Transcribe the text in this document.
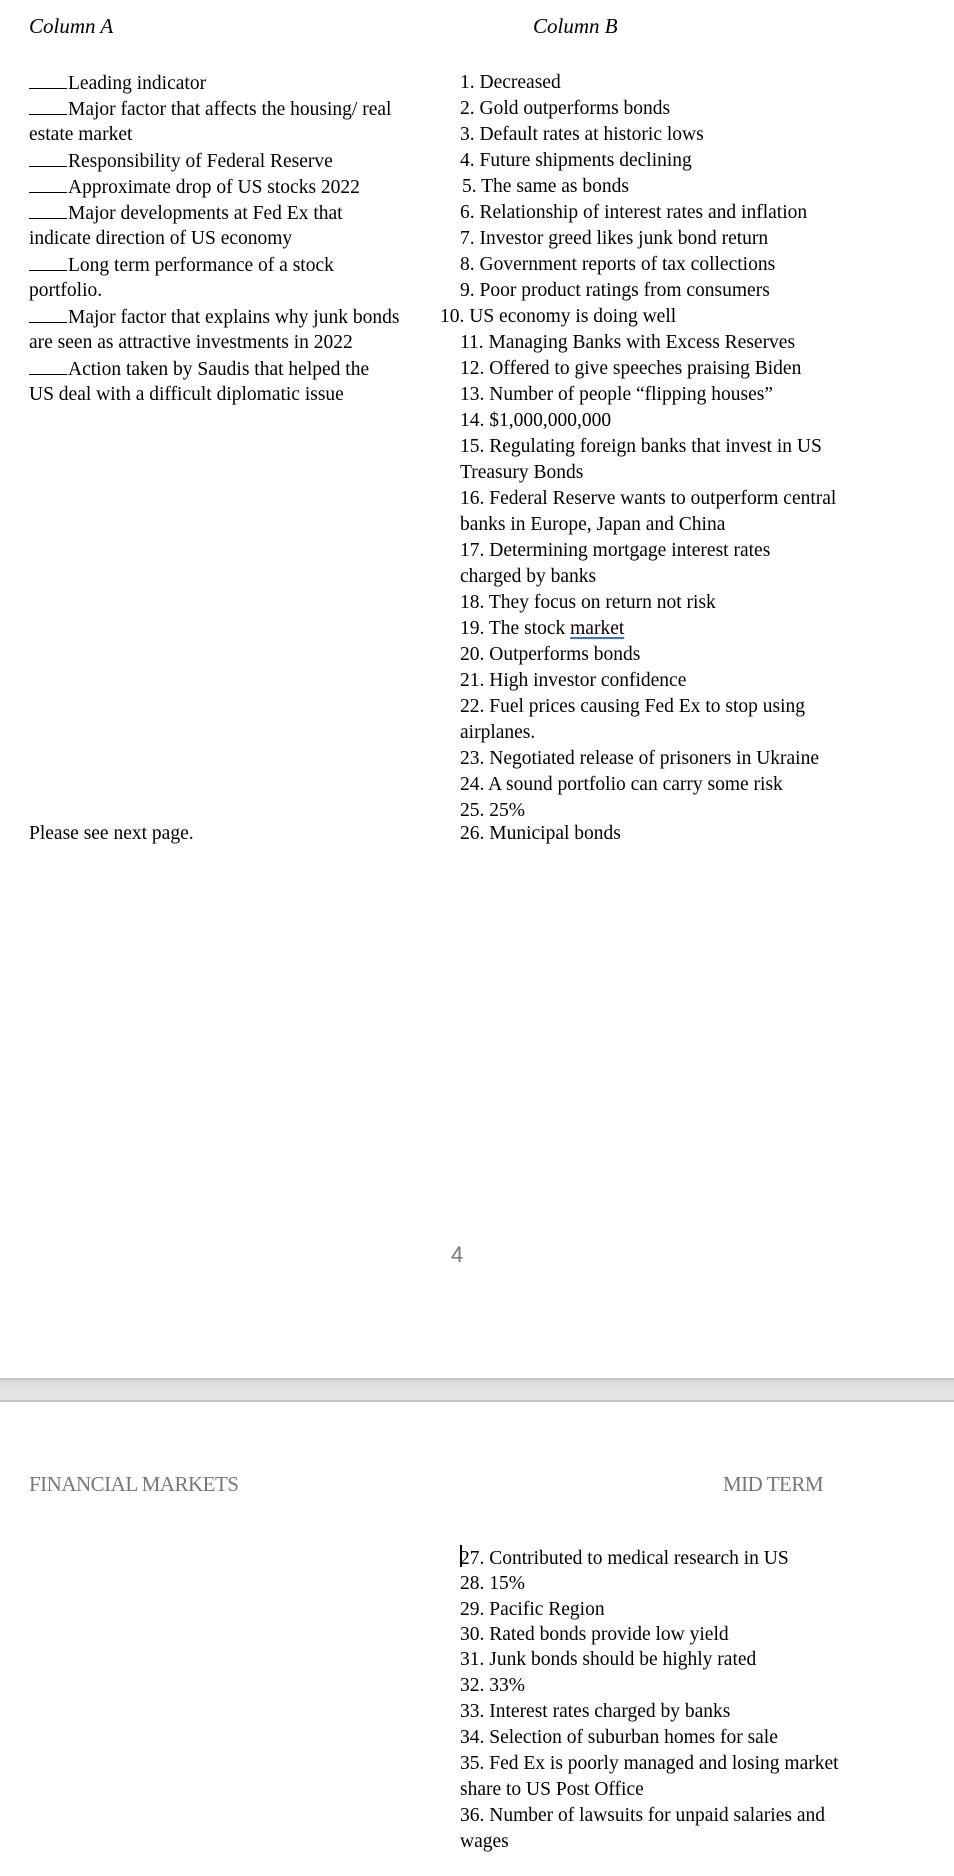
Column A	Column B
Leading indicator
Major factor that affects the housing/ real
estate market
Responsibility of Federal Reserve
Approximate drop of US stocks 2022
Major developments at Fed Ex that
indicate direction of US economy
Long term performance of a stock
portfolio.
Major factor that explains why junk bonds
are seen as attractive investments in 2022
Action taken by Saudis that helped the
US deal with a difficult diplomatic issue
Please see next page.
1. Decreased
2. Gold outperforms bonds
3. Default rates at historic lows
4. Future shipments declining
5. The same as bonds
6. Relationship of interest rates and inflation
7. Investor greed likes junk bond return
8. Government reports of tax collections
9. Poor product ratings from consumers
10. US economy is doing well
11. Managing Banks with Excess Reserves
12. Offered to give speeches praising Biden
13. Number of people “flipping houses”
14. $1,000,000,000
15. Regulating foreign banks that invest in US
Treasury Bonds
16. Federal Reserve wants to outperform central
banks in Europe, Japan and China
17. Determining mortgage interest rates
charged by banks
18. They focus on return not risk
19. The stock market
20. Outperforms bonds
21. High investor confidence
22. Fuel prices causing Fed Ex to stop using
airplanes.
23. Negotiated release of prisoners in Ukraine
24. A sound portfolio can carry some risk
25. 25%
26. Municipal bonds
4
FINANCIAL MARKETS	MID TERM
27. Contributed to medical research in US
28. 15%
29. Pacific Region
30. Rated bonds provide low yield
31. Junk bonds should be highly rated
32. 33%
33. Interest rates charged by banks
34. Selection of suburban homes for sale
35. Fed Ex is poorly managed and losing market
share to US Post Office
36. Number of lawsuits for unpaid salaries and
wages
